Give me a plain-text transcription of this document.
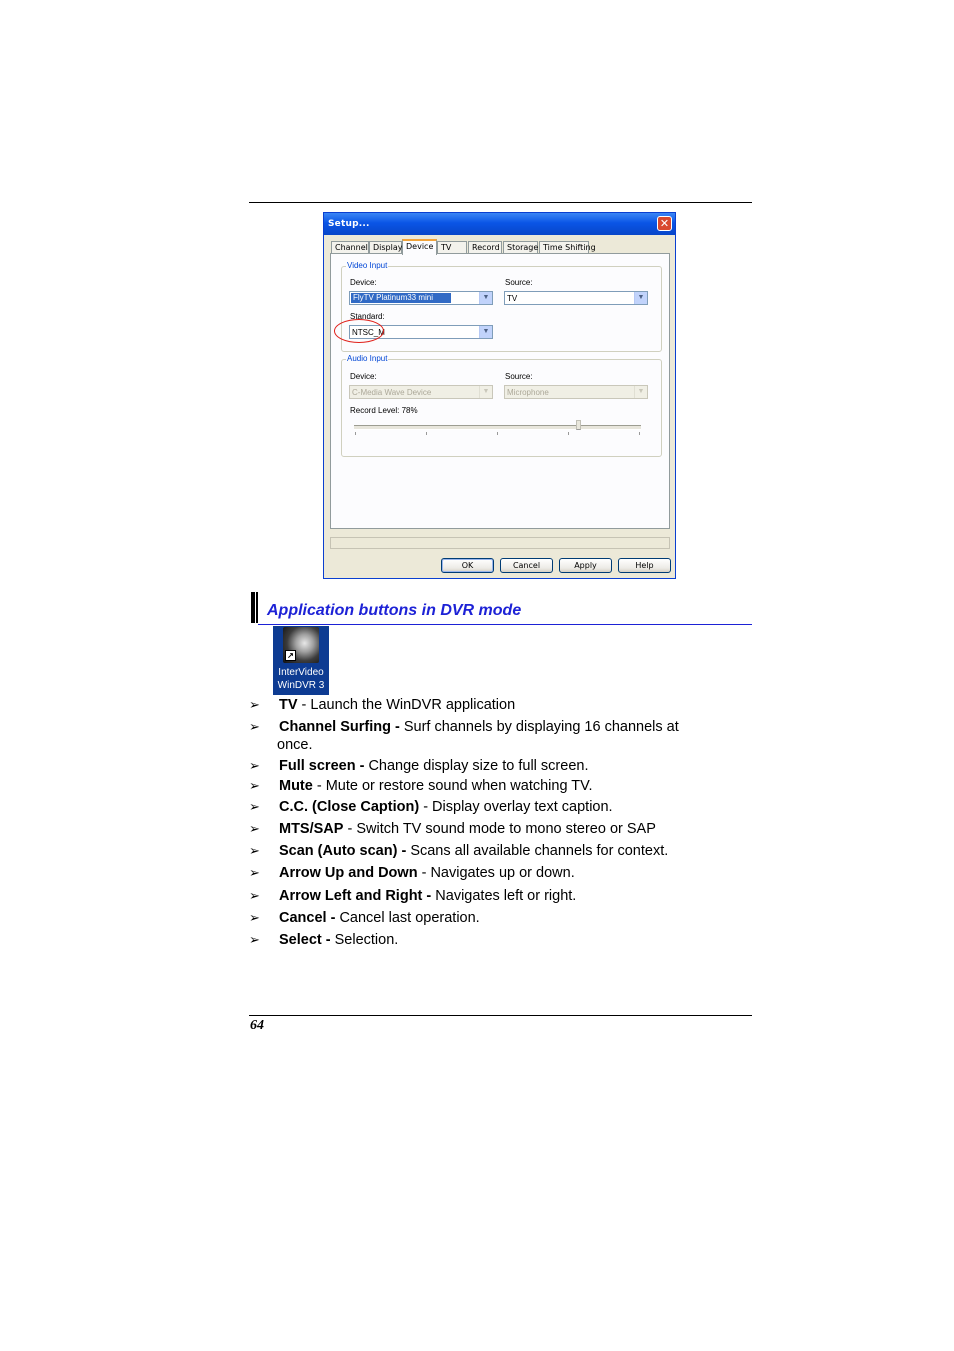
Setup...	✕
Channel Display Device TV	Record Storage Time Shifting
OK	Cancel	Apply	Help
Video Input
Device:
FlyTV Platinum33 mini	▼
Source:
TV	▼
Standard:
NTSC_M	▼
Audio Input
Device:
C-Media Wave Device	▼
Source:
Microphone	▼
Record Level: 78%
Application buttons in DVR mode
↗
InterVideo
WinDVR 3
➢ TV - Launch the WinDVR application
➢ Channel Surfing - Surf channels by displaying 16 channels at
once.
➢ Full screen - Change display size to full screen.
➢ Mute - Mute or restore sound when watching TV.
➢ C.C. (Close Caption) - Display overlay text caption.
➢ MTS/SAP - Switch TV sound mode to mono stereo or SAP
➢ Scan (Auto scan) - Scans all available channels for context.
➢ Arrow Up and Down - Navigates up or down.
➢ Arrow Left and Right - Navigates left or right.
➢ Cancel - Cancel last operation.
➢ Select - Selection.
64
